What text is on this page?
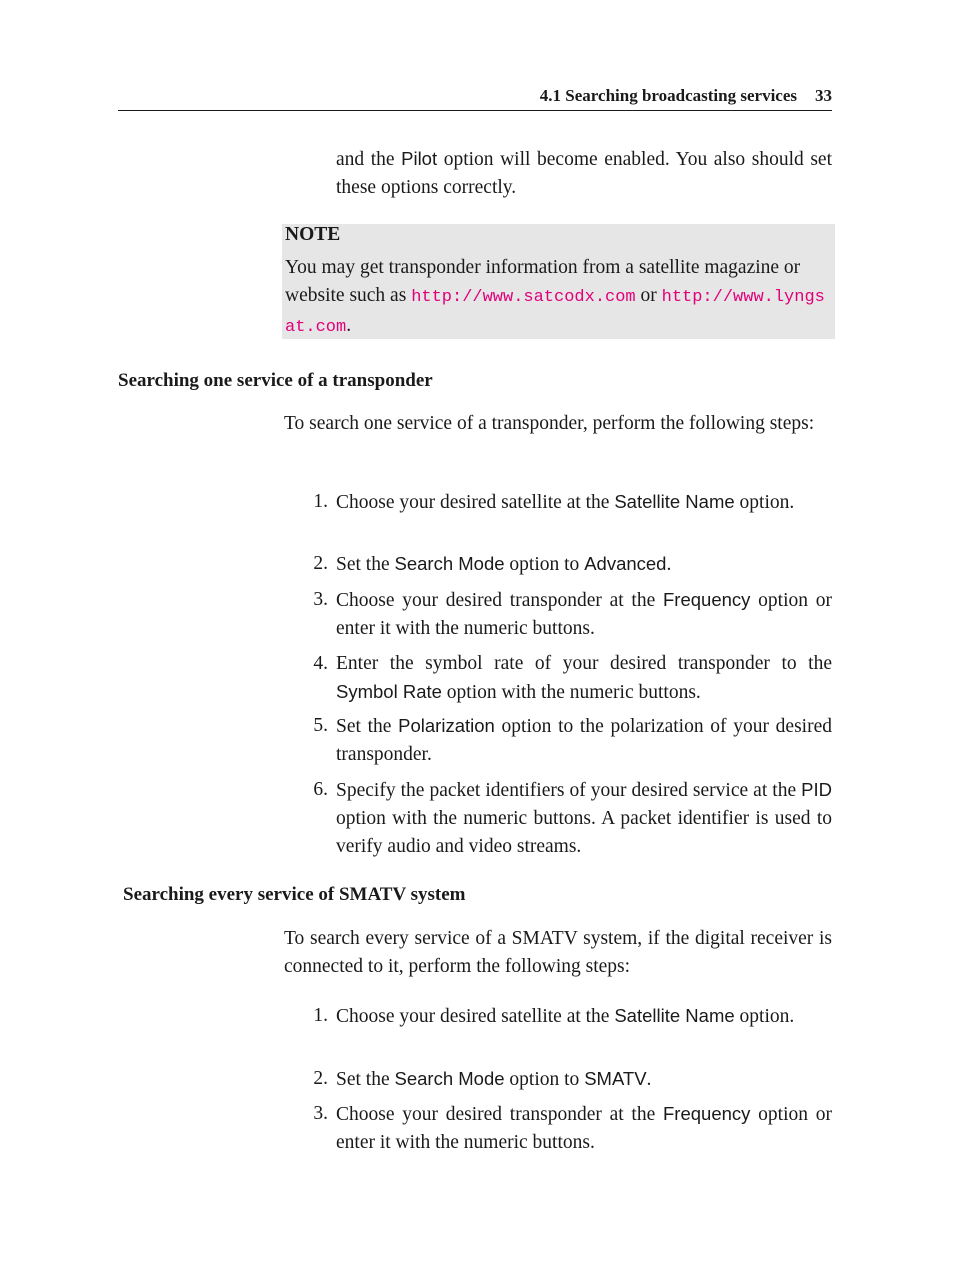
4.1 Searching broadcasting services 33

and the Pilot option will become enabled. You also should set these options correctly.

NOTE

You may get transponder information from a satellite magazine or website such as http://www.satcodx.com or http://www.lyngsat.com.

Searching one service of a transponder

To search one service of a transponder, perform the following steps:

1. Choose your desired satellite at the Satellite Name option.

2. Set the Search Mode option to Advanced.

3. Choose your desired transponder at the Frequency option or enter it with the numeric buttons.

4. Enter the symbol rate of your desired transponder to the Symbol Rate option with the numeric buttons.

5. Set the Polarization option to the polarization of your desired transponder.

6. Specify the packet identifiers of your desired service at the PID option with the numeric buttons. A packet identifier is used to verify audio and video streams.

Searching every service of SMATV system

To search every service of a SMATV system, if the digital receiver is connected to it, perform the following steps:

1. Choose your desired satellite at the Satellite Name option.

2. Set the Search Mode option to SMATV.

3. Choose your desired transponder at the Frequency option or enter it with the numeric buttons.
